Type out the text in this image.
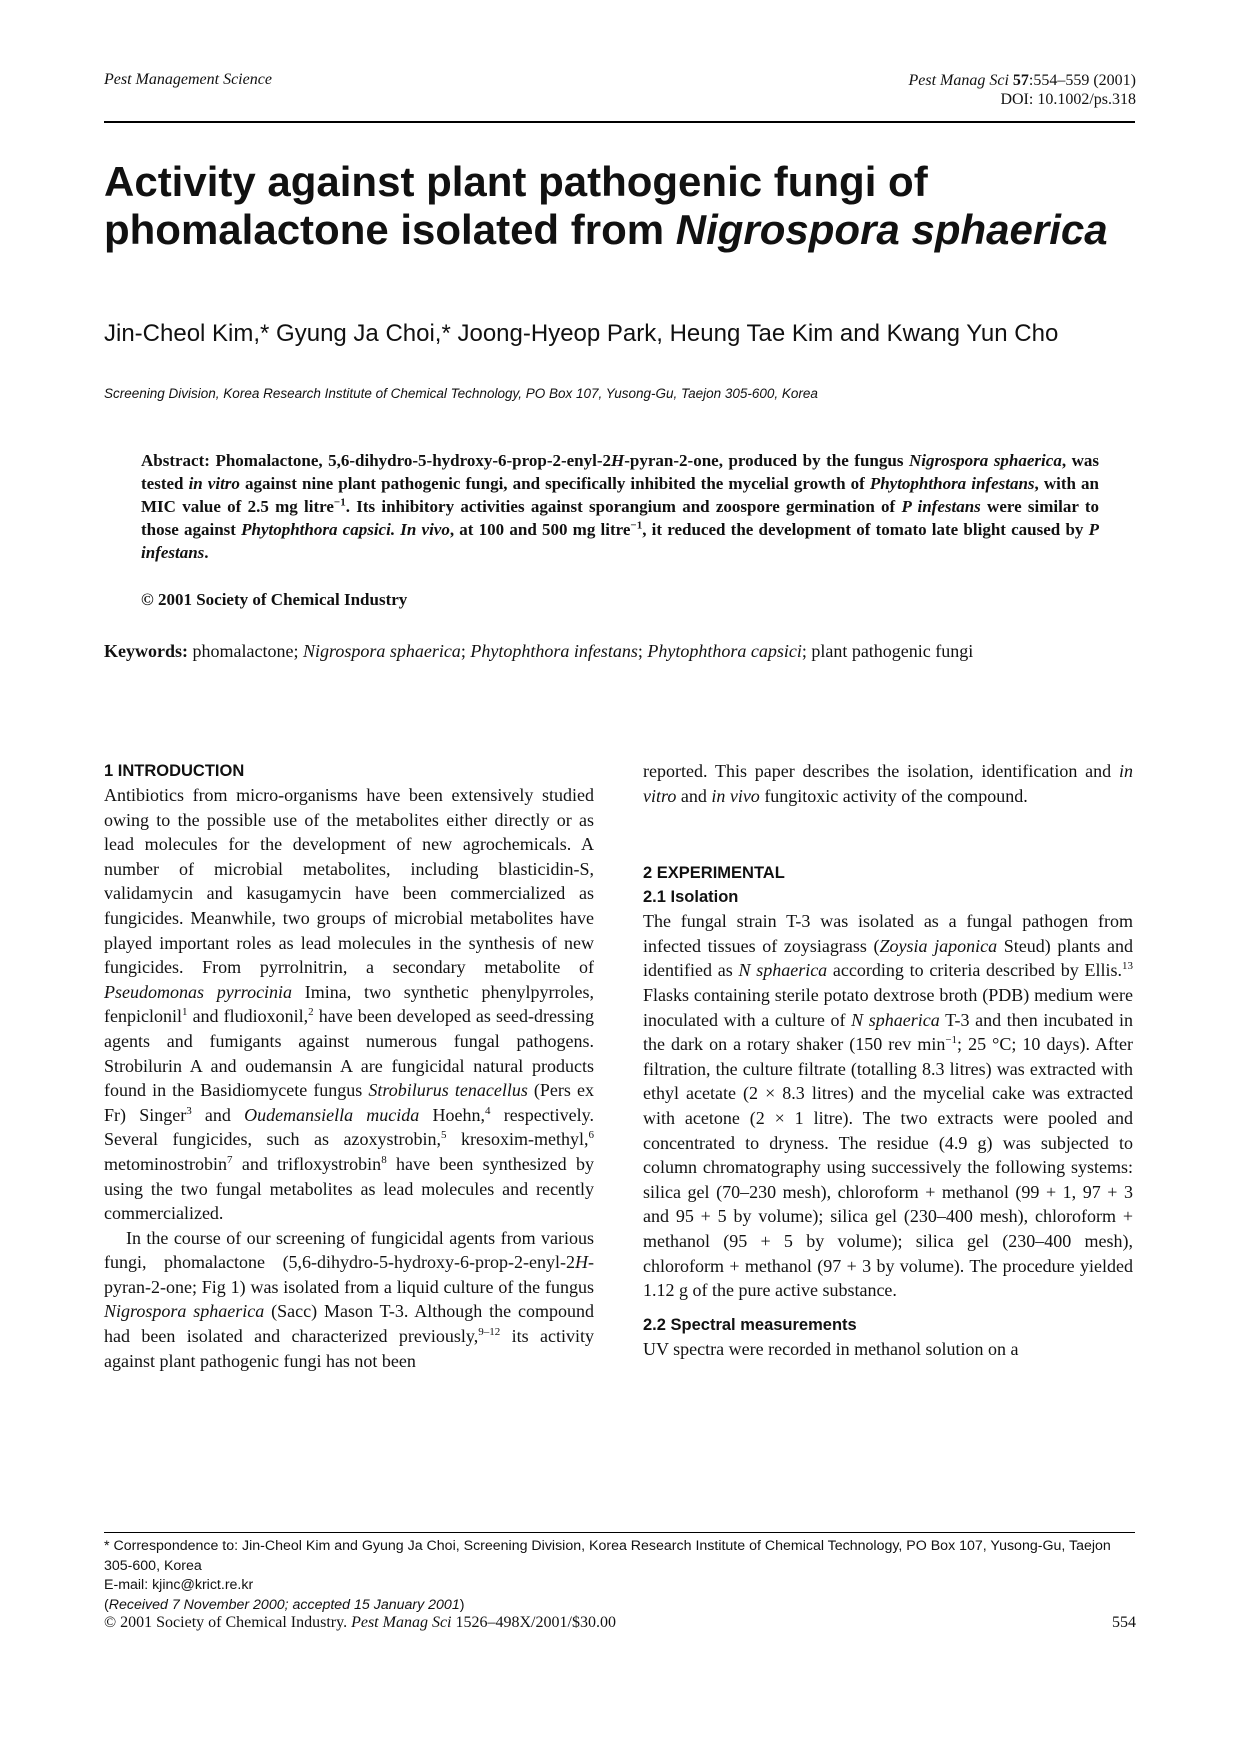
Pest Management Science	Pest Manag Sci 57:554–559 (2001)
DOI: 10.1002/ps.318
Activity against plant pathogenic fungi of phomalactone isolated from Nigrospora sphaerica
Jin-Cheol Kim,* Gyung Ja Choi,* Joong-Hyeop Park, Heung Tae Kim and Kwang Yun Cho
Screening Division, Korea Research Institute of Chemical Technology, PO Box 107, Yusong-Gu, Taejon 305-600, Korea
Abstract: Phomalactone, 5,6-dihydro-5-hydroxy-6-prop-2-enyl-2H-pyran-2-one, produced by the fungus Nigrospora sphaerica, was tested in vitro against nine plant pathogenic fungi, and specifically inhibited the mycelial growth of Phytophthora infestans, with an MIC value of 2.5 mg litre$^{-1}$. Its inhibitory activities against sporangium and zoospore germination of P infestans were similar to those against Phytophthora capsici. In vivo, at 100 and 500 mg litre$^{-1}$, it reduced the development of tomato late blight caused by P infestans.
© 2001 Society of Chemical Industry
Keywords: phomalactone; Nigrospora sphaerica; Phytophthora infestans; Phytophthora capsici; plant pathogenic fungi
1 INTRODUCTION

Antibiotics from micro-organisms have been extensively studied owing to the possible use of the metabolites either directly or as lead molecules for the development of new agrochemicals. A number of microbial metabolites, including blasticidin-S, validamycin and kasugamycin have been commercialized as fungicides. Meanwhile, two groups of microbial metabolites have played important roles as lead molecules in the synthesis of new fungicides. From pyrrolnitrin, a secondary metabolite of Pseudomonas pyrrocinia Imina, two synthetic phenylpyrroles, fenpiclonil$^1$ and fludioxonil,$^2$ have been developed as seed-dressing agents and fumigants against numerous fungal pathogens. Strobilurin A and oudemansin A are fungicidal natural products found in the Basidiomycete fungus Strobilurus tenacellus (Pers ex Fr) Singer$^3$ and Oudemansiella mucida Hoehn,$^4$ respectively. Several fungicides, such as azoxystrobin,$^5$ kresoxim-methyl,$^6$ metominostrobin$^7$ and trifloxystrobin$^8$ have been synthesized by using the two fungal metabolites as lead molecules and recently commercialized.

In the course of our screening of fungicidal agents from various fungi, phomalactone (5,6-dihydro-5-hydroxy-6-prop-2-enyl-2H-pyran-2-one; Fig 1) was isolated from a liquid culture of the fungus Nigrospora sphaerica (Sacc) Mason T-3. Although the compound had been isolated and characterized previously,$^{9-12}$ its activity against plant pathogenic fungi has not been

reported. This paper describes the isolation, identification and in vitro and in vivo fungitoxic activity of the compound.

2 EXPERIMENTAL
2.1 Isolation

The fungal strain T-3 was isolated as a fungal pathogen from infected tissues of zoysiagrass (Zoysia japonica Steud) plants and identified as N sphaerica according to criteria described by Ellis.$^{13}$ Flasks containing sterile potato dextrose broth (PDB) medium were inoculated with a culture of N sphaerica T-3 and then incubated in the dark on a rotary shaker (150 rev $\min^{-1}$; 25 °C; 10 days). After filtration, the culture filtrate (totalling 8.3 litres) was extracted with ethyl acetate (2 × 8.3 litres) and the mycelial cake was extracted with acetone (2 × 1 litre). The two extracts were pooled and concentrated to dryness. The residue (4.9 g) was subjected to column chromatography using successively the following systems: silica gel (70–230 mesh), chloroform + methanol (99 + 1, 97 + 3 and 95 + 5 by volume); silica gel (230–400 mesh), chloroform + methanol (95 + 5 by volume); silica gel (230–400 mesh), chloroform + methanol (97 + 3 by volume). The procedure yielded 1.12 g of the pure active substance.

2.2 Spectral measurements

UV spectra were recorded in methanol solution on a

* Correspondence to: Jin-Cheol Kim and Gyung Ja Choi, Screening Division, Korea Research Institute of Chemical Technology, PO Box 107, Yusong-Gu, Taejon 305-600, Korea
E-mail: kjinc@krict.re.kr
(Received 7 November 2000; accepted 15 January 2001)
© 2001 Society of Chemical Industry. Pest Manag Sci 1526–498X/2001/$30.00	554
